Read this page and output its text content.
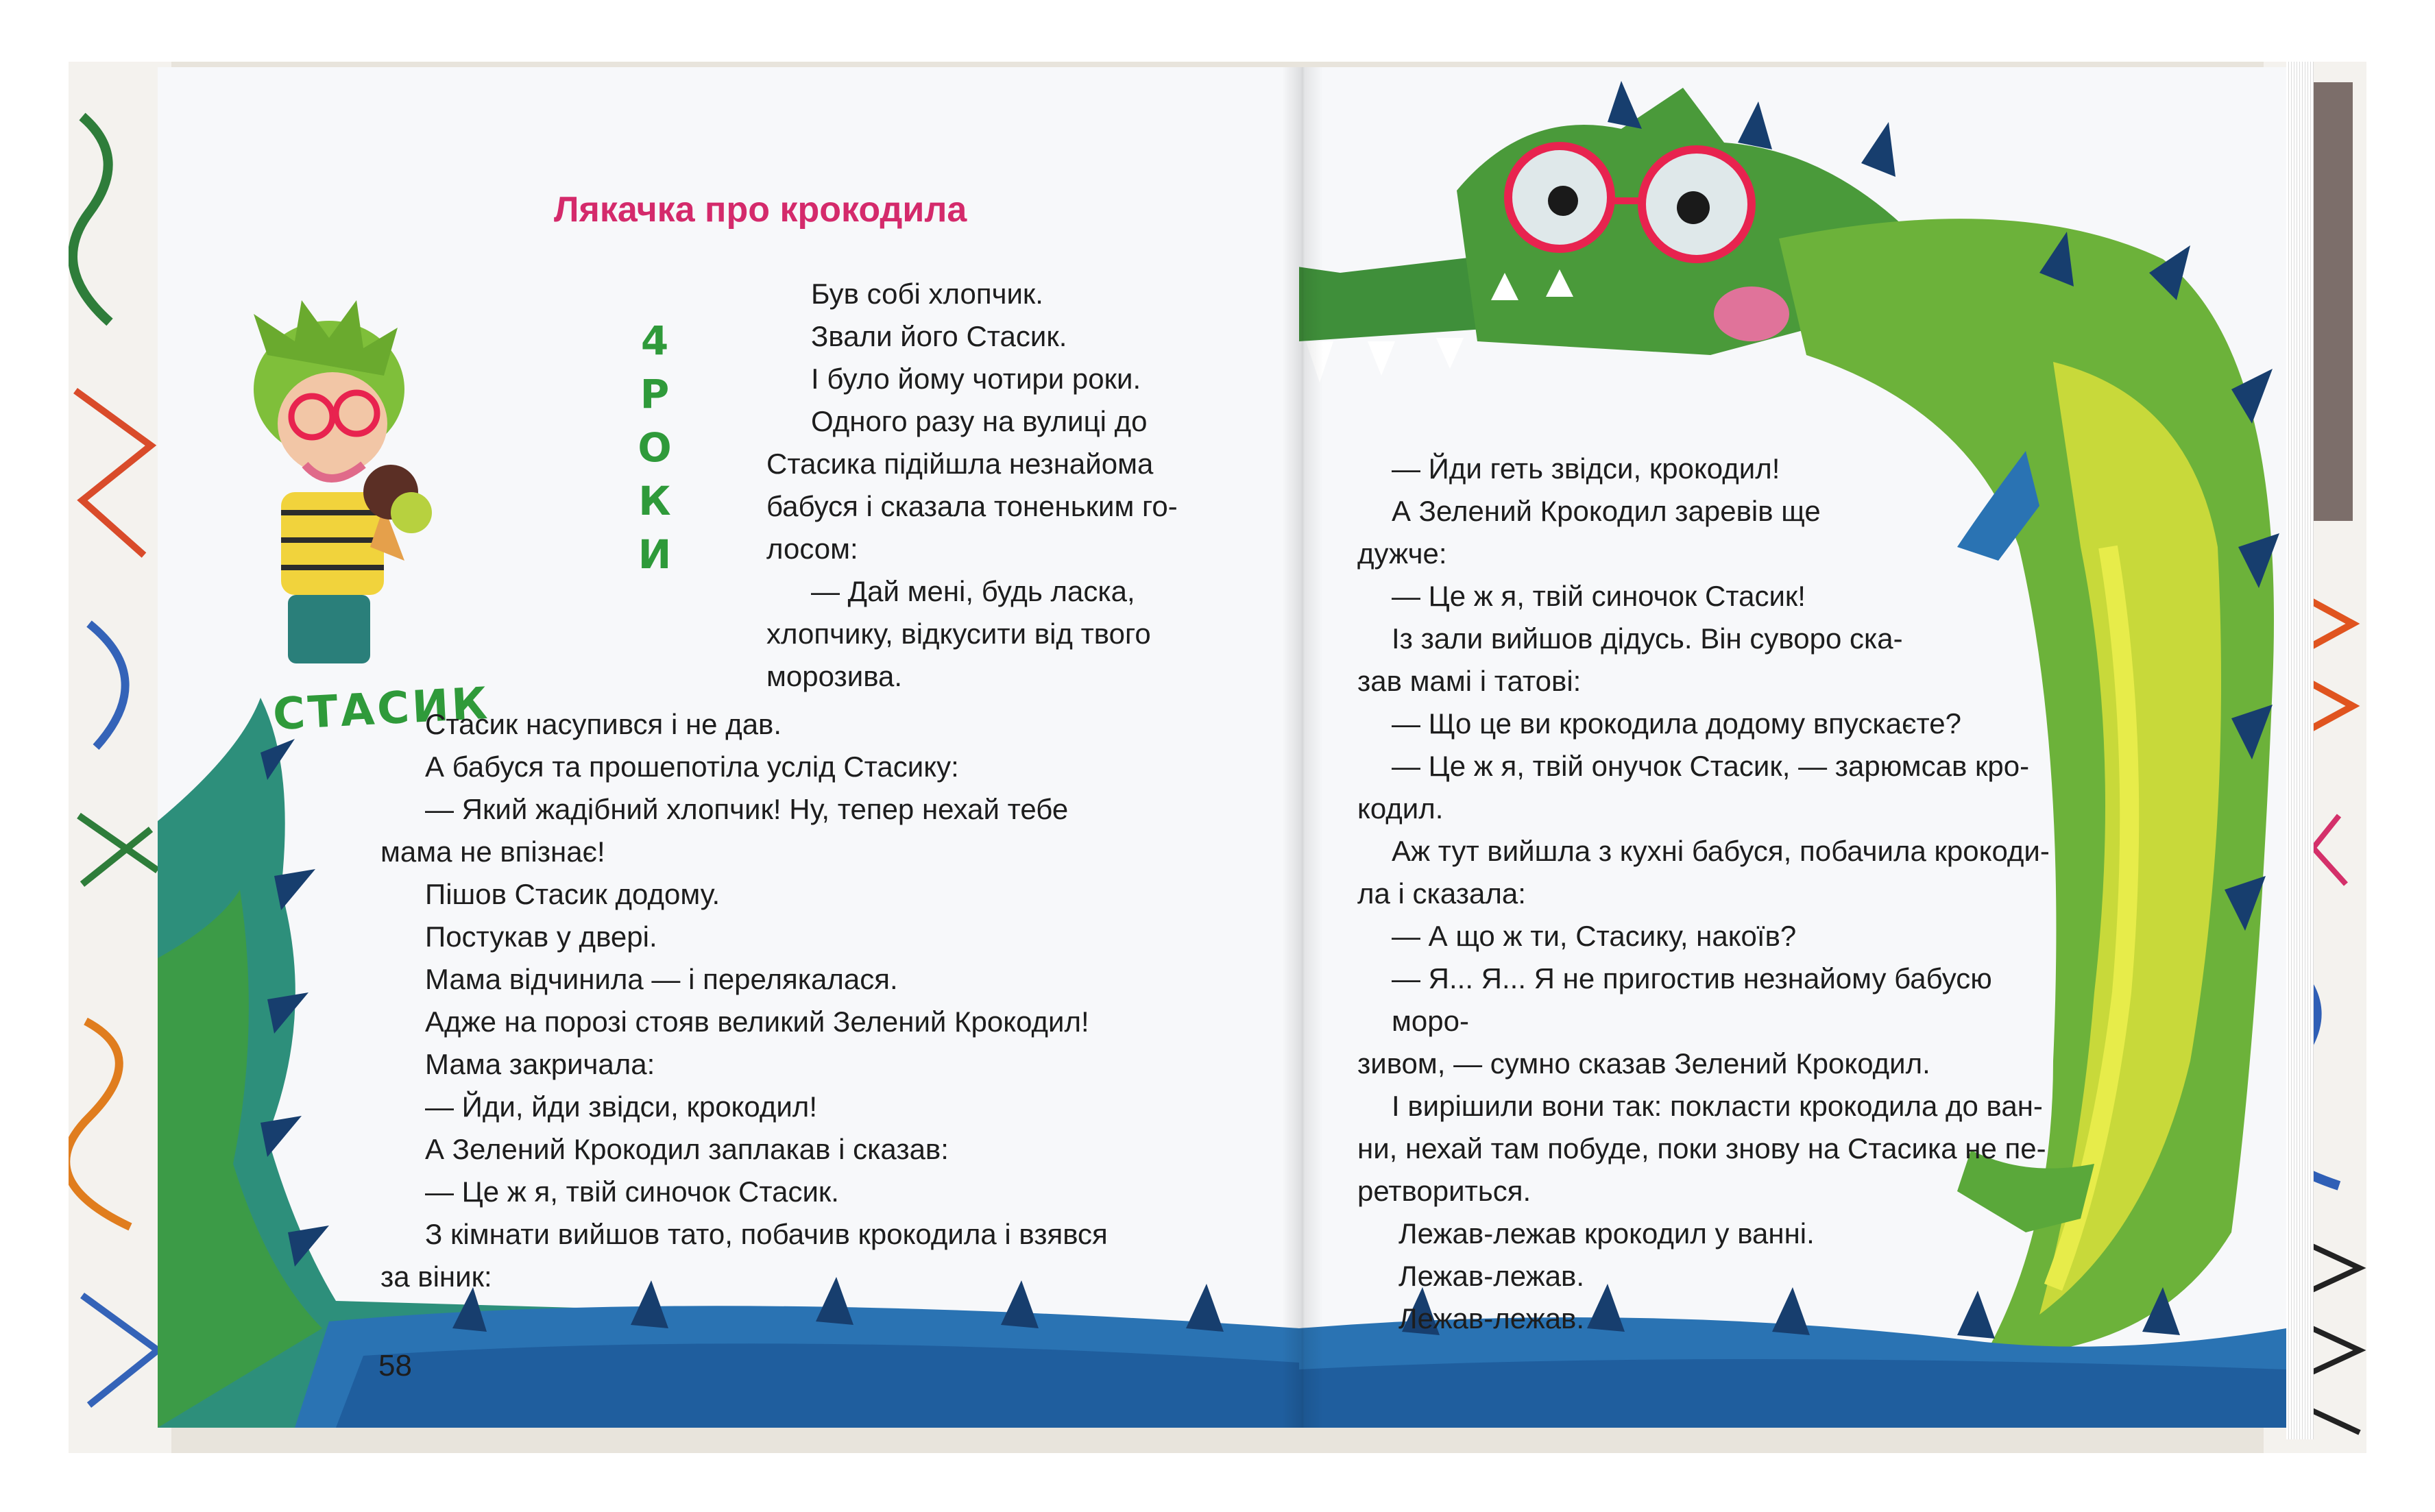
Лякачка про крокодила
4
Р
О
К
И
СТАСИК

Був собі хлопчик.

Звали його Стасик.

І було йому чотири роки.

Одного разу на вулиці до

Стасика підійшла незнайома

бабуся і сказала тоненьким го-

лосом:

— Дай мені, будь ласка,

хлопчику, відкусити від твого

морозива.

Стасик насупився і не дав.

А бабуся та прошепотіла услід Стасику:

— Який жадібний хлопчик! Ну, тепер нехай тебе

мама не впізнає!

Пішов Стасик додому.

Постукав у двері.

Мама відчинила — і перелякалася.

Адже на порозі стояв великий Зелений Крокодил!

Мама закричала:

— Йди, йди звідси, крокодил!

А Зелений Крокодил заплакав і сказав:

— Це ж я, твій синочок Стасик.

З кімнати вийшов тато, побачив крокодила і взявся

за віник:

58

— Йди геть звідси, крокодил!

А Зелений Крокодил заревів ще

дужче:

— Це ж я, твій синочок Стасик!

Із зали вийшов дідусь. Він суворо ска-

зав мамі і татові:

— Що це ви крокодила додому впускаєте?

— Це ж я, твій онучок Стасик, — зарюмсав кро-

кодил.

Аж тут вийшла з кухні бабуся, побачила крокоди-

ла і сказала:

— А що ж ти, Стасику, накоїв?

— Я... Я... Я не пригостив незнайому бабусю моро-

зивом, — сумно сказав Зелений Крокодил.

І вирішили вони так: покласти крокодила до ван-

ни, нехай там побуде, поки знову на Стасика не пе-

ретвориться.

Лежав-лежав крокодил у ванні.

Лежав-лежав.

Лежав-лежав.
